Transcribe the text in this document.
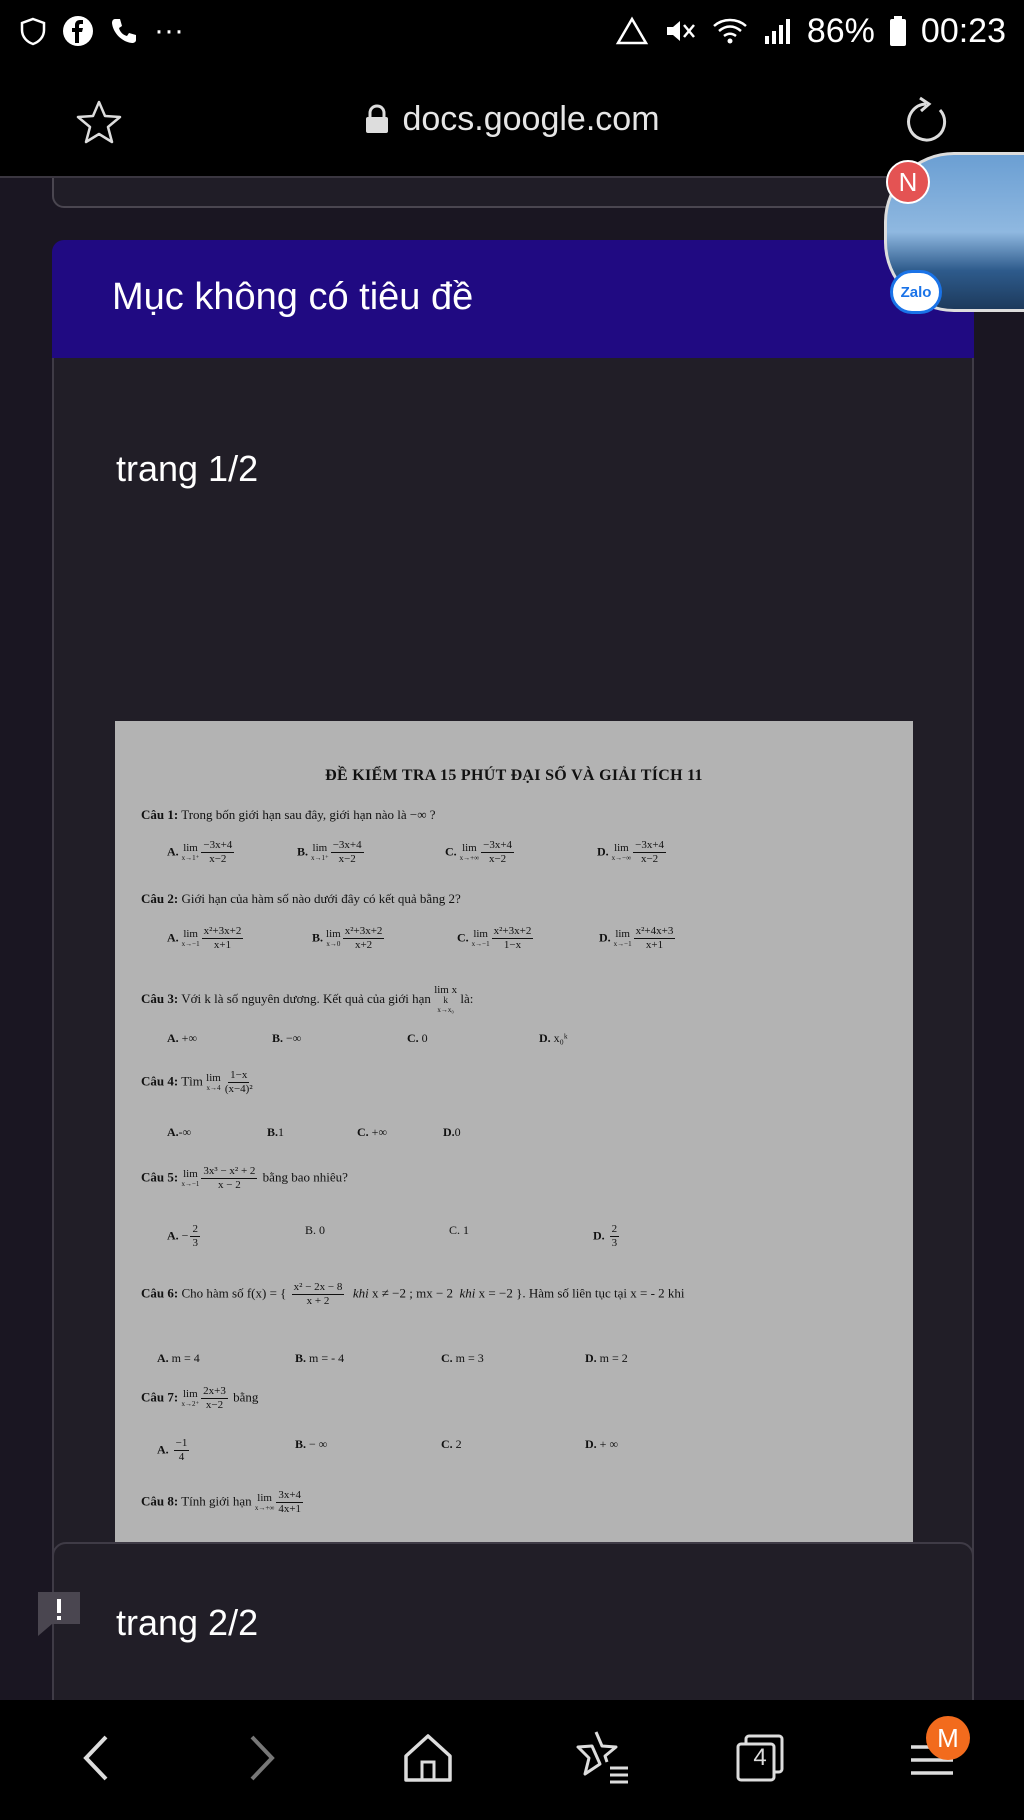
···	86% 00:23
docs.google.com
Mục không có tiêu đề
trang 1/2
ĐỀ KIỂM TRA 15 PHÚT ĐẠI SỐ VÀ GIẢI TÍCH 11
Câu 1: Trong bốn giới hạn sau đây, giới hạn nào là −∞ ?
A. lim
$x\to 1^+ \frac{-3x+4}{x-2}$	B. lim
$x\to 1^+ \frac{-3x+4}{x-2}$	C. lim
$x\to+\infty \frac{-3x+4}{x-2}$	D. lim
$x\to-\infty \frac{-3x+4}{x-2}$
Câu 2: Giới hạn của hàm số nào dưới đây có kết quả bằng 2?
A. lim
$x\to-1 \frac{\text{x²+3x+2}}{x+1}$	B. lim
$x\to 0 \frac{\text{x²+3x+2}}{x+2}$	C. lim
$x\to-1 \frac{\text{x²+3x+2}}{1-x}$	D. lim
$x\to-1 \frac{\text{x²+4x+3}}{x+1}$
Câu 3: Với k là số nguyên dương. Kết quả của giới hạn lim x
k
x→x₀
là:
A. +∞	B. −∞	C. 0	D. x₀ᵏ
Câu 4: Tìm lim
$x\to 4 \frac{1-x}{\text{(x−4)²}}$
A.-∞	B.1	C. +∞	D.0
Câu 5: lim
$x\to-1 \frac{\text{3x³ − x² + 2}}{x - 2}$ bằng bao nhiêu?
A. − $\frac{2}{3}$	B. 0	C. 1	D. $\frac{2}{3}$
Câu 6: Cho hàm số f(x) = { $\frac{\text{x² − 2x − 8}}{x + 2}$ khi x ≠ −2 ; mx − 2  khi x = −2 }. Hàm số liên tục tại x = - 2 khi
A. m = 4	B. m = - 4	C. m = 3	D. m = 2
Câu 7: lim
$x\to 2^+ \frac{2x+3}{x-2}$ bằng
A. $\frac{-1}{4}$	B. − ∞	C. 2	D. + ∞
Câu 8: Tính giới hạn lim
$x\to+\infty \frac{3x+4}{4x+1}$
trang 2/2
N
Zalo
4
M
